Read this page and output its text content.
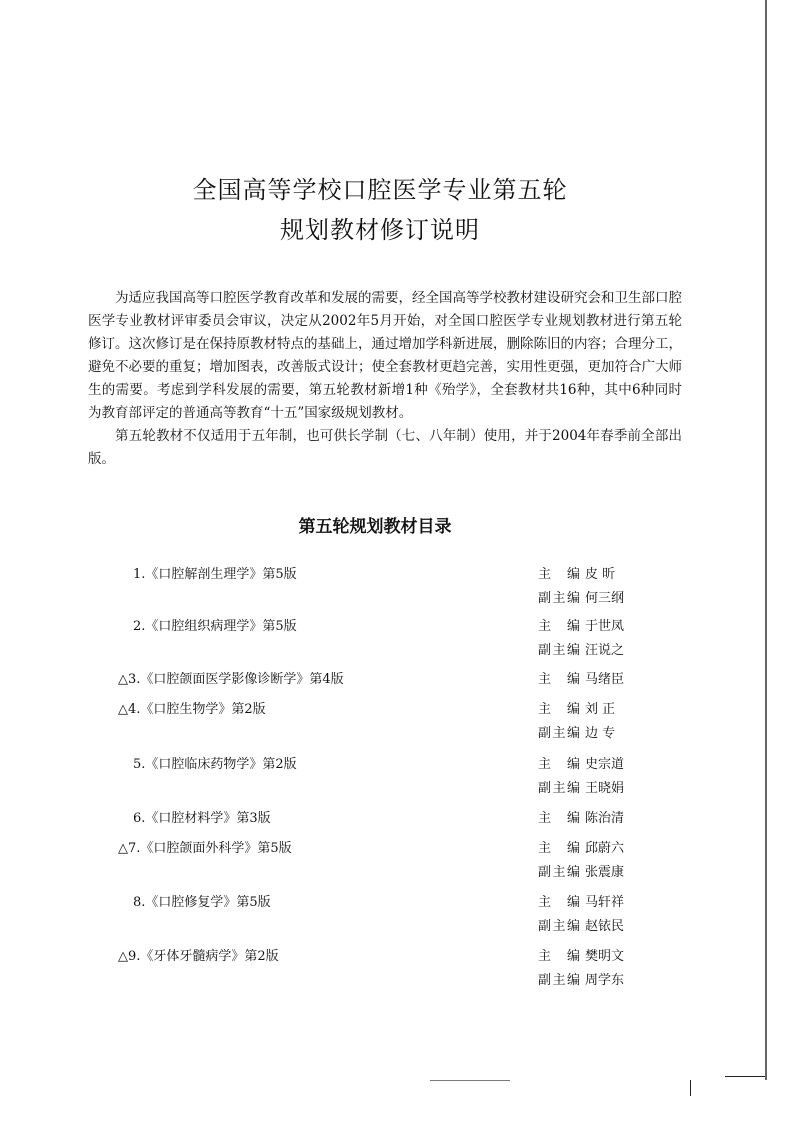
全国高等学校口腔医学专业第五轮
规划教材修订说明

为适应我国高等口腔医学教育改革和发展的需要，经全国高等学校教材建设研究会和卫生部口腔医学专业教材评审委员会审议，决定从2002年5月开始，对全国口腔医学专业规划教材进行第五轮修订。这次修订是在保持原教材特点的基础上，通过增加学科新进展，删除陈旧的内容；合理分工，避免不必要的重复；增加图表，改善版式设计；使全套教材更趋完善，实用性更强，更加符合广大师生的需要。考虑到学科发展的需要，第五轮教材新增1种《殆学》，全套教材共16种，其中6种同时为教育部评定的普通高等教育“十五”国家级规划教材。

第五轮教材不仅适用于五年制，也可供长学制（七、八年制）使用，并于2004年春季前全部出版。

第五轮规划教材目录
1.《口腔解剖生理学》第5版	主编 皮 昕
副主编 何三纲
2.《口腔组织病理学》第5版	主编 于世凤
副主编 汪说之
△3.《口腔颌面医学影像诊断学》第4版	主编 马绪臣
△4.《口腔生物学》第2版	主编 刘 正
副主编 边 专
5.《口腔临床药物学》第2版	主编 史宗道
副主编 王晓娟
6.《口腔材料学》第3版	主编 陈治清
△7.《口腔颌面外科学》第5版	主编 邱蔚六
副主编 张震康
8.《口腔修复学》第5版	主编 马轩祥
副主编 赵铱民
△9.《牙体牙髓病学》第2版	主编 樊明文
副主编 周学东
